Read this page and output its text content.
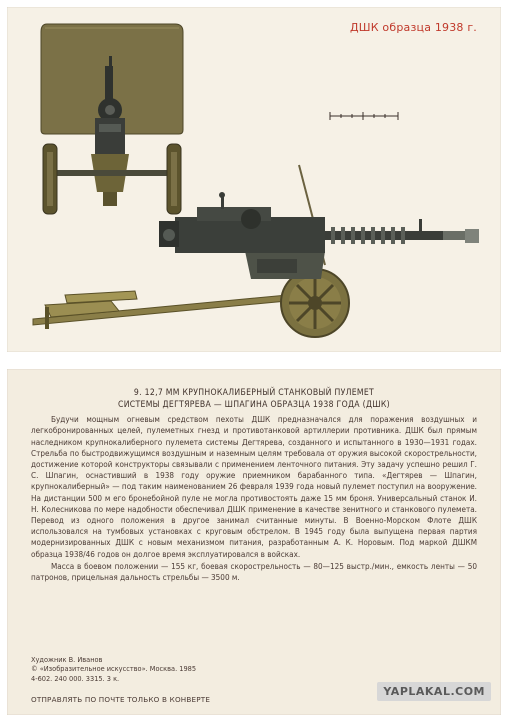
ДШК образца 1938 г.
9. 12,7 ММ КРУПНОКАЛИБЕРНЫЙ СТАНКОВЫЙ ПУЛЕМЕТ
СИСТЕМЫ ДЕГТЯРЕВА — ШПАГИНА ОБРАЗЦА 1938 ГОДА (ДШК)

Будучи мощным огневым средством пехоты ДШК предназначался для поражения воздушных и легкобронированных целей, пулеметных гнезд и противотанковой артиллерии противника. ДШК был прямым наследником крупнокалиберного пулемета системы Дегтярева, созданного и испытанного в 1930—1931 годах. Стрельба по быстродвижущимся воздушным и наземным целям требовала от оружия высокой скорострельности, достижение которой конструкторы связывали с применением ленточного питания. Эту задачу успешно решил Г. С. Шпагин, оснастивший в 1938 году оружие приемником барабанного типа. «Дегтярев — Шпагин, крупнокалиберный» — под таким наименованием 26 февраля 1939 года новый пулемет поступил на вооружение. На дистанции 500 м его бронебойной пуле не могла противостоять даже 15 мм броня. Универсальный станок И. Н. Колесникова по мере надобности обеспечивал ДШК применение в качестве зенитного и станкового пулемета. Перевод из одного положения в другое занимал считанные минуты. В Военно-Морском Флоте ДШК использовался на тумбовых установках с круговым обстрелом. В 1945 году была выпущена первая партия модернизированных ДШК с новым механизмом питания, разработанным А. К. Норовым. Под маркой ДШКМ образца 1938/46 годов он долгое время эксплуатировался в войсках.

Масса в боевом положении — 155 кг, боевая скорострельность — 80—125 выстр./мин., емкость ленты — 50 патронов, прицельная дальность стрельбы — 3500 м.

Художник В. Иванов
© «Изобразительное искусство». Москва. 1985
4-602. 240 000. 3315. 3 к.
ОТПРАВЛЯТЬ ПО ПОЧТЕ ТОЛЬКО В КОНВЕРТЕ
YAPLAKAL.COM
